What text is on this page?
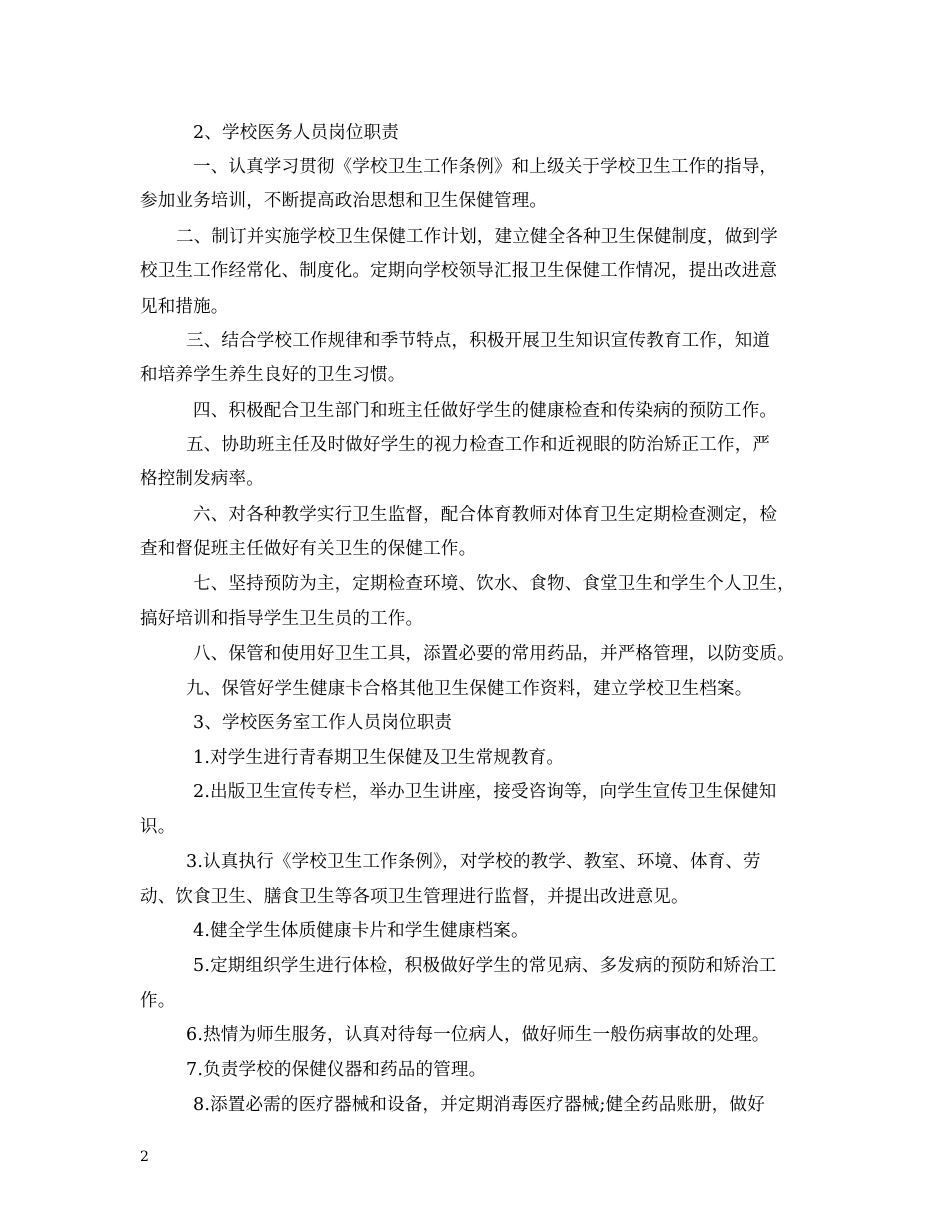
2、学校医务人员岗位职责
一、认真学习贯彻《学校卫生工作条例》和上级关于学校卫生工作的指导，
参加业务培训，不断提高政治思想和卫生保健管理。
二、制订并实施学校卫生保健工作计划，建立健全各种卫生保健制度，做到学
校卫生工作经常化、制度化。定期向学校领导汇报卫生保健工作情况，提出改进意
见和措施。
三、结合学校工作规律和季节特点，积极开展卫生知识宣传教育工作，知道
和培养学生养生良好的卫生习惯。
四、积极配合卫生部门和班主任做好学生的健康检查和传染病的预防工作。
五、协助班主任及时做好学生的视力检查工作和近视眼的防治矫正工作，严
格控制发病率。
六、对各种教学实行卫生监督，配合体育教师对体育卫生定期检查测定，检
查和督促班主任做好有关卫生的保健工作。
七、坚持预防为主，定期检查环境、饮水、食物、食堂卫生和学生个人卫生，
搞好培训和指导学生卫生员的工作。
八、保管和使用好卫生工具，添置必要的常用药品，并严格管理，以防变质。
九、保管好学生健康卡合格其他卫生保健工作资料，建立学校卫生档案。
3、学校医务室工作人员岗位职责
1.对学生进行青春期卫生保健及卫生常规教育。
2.出版卫生宣传专栏，举办卫生讲座，接受咨询等，向学生宣传卫生保健知
识。
3.认真执行《学校卫生工作条例》，对学校的教学、教室、环境、体育、劳
动、饮食卫生、膳食卫生等各项卫生管理进行监督，并提出改进意见。
4.健全学生体质健康卡片和学生健康档案。
5.定期组织学生进行体检，积极做好学生的常见病、多发病的预防和矫治工
作。
6.热情为师生服务，认真对待每一位病人，做好师生一般伤病事故的处理。
7.负责学校的保健仪器和药品的管理。
8.添置必需的医疗器械和设备，并定期消毒医疗器械;健全药品账册，做好
2
